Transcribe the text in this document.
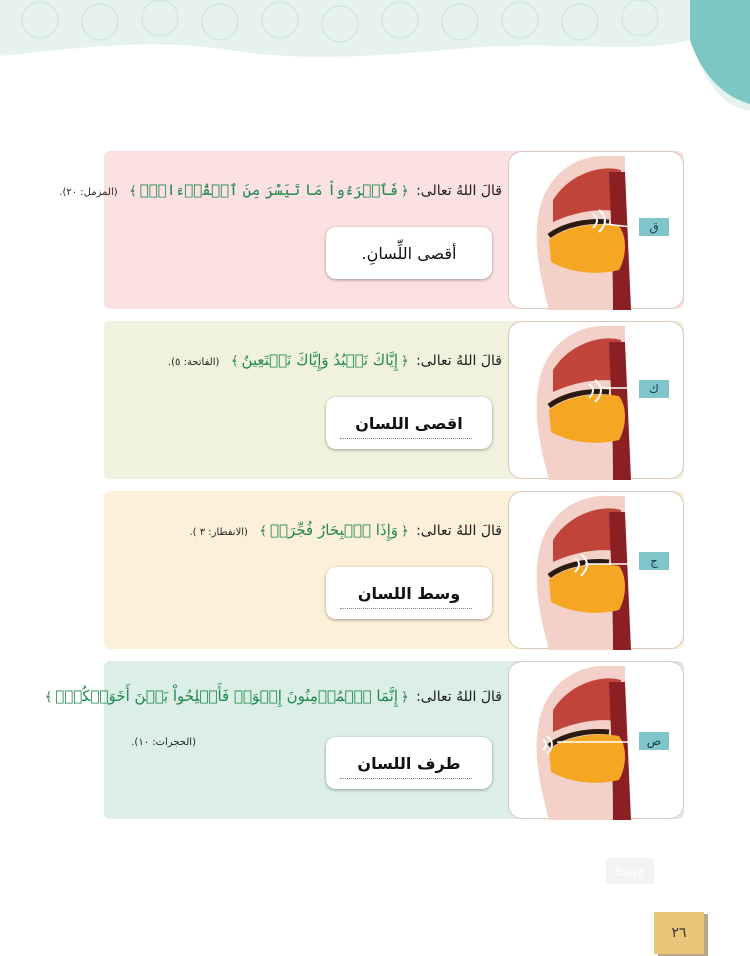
قالَ اللهُ تعالى: ﴿فَٱقۡرَءُواْ مَا تَيَسَّرَ مِنَ ٱلۡقُرۡءَانِۚ﴾ (المزمل: ٢٠).
أقصى اللِّسانِ.
ق
قالَ اللهُ تعالى: ﴿إِيَّاكَ نَعۡبُدُ وَإِيَّاكَ نَسۡتَعِينُ﴾ (الفاتحة: ٥).
اقصى اللسان
ك
قالَ اللهُ تعالى: ﴿وَإِذَا ٱلۡبِحَارُ فُجِّرَتۡ﴾ (الانفطار: ٣ ).
وسط اللسان
ج
قالَ اللهُ تعالى: ﴿إِنَّمَا ٱلۡمُؤۡمِنُونَ إِخۡوَةٞ فَأَصۡلِحُواْ بَيۡنَ أَخَوَيۡكُمۡۚ﴾
(الحجرات: ١٠).
طرف اللسان
ص
Save
٢٦
